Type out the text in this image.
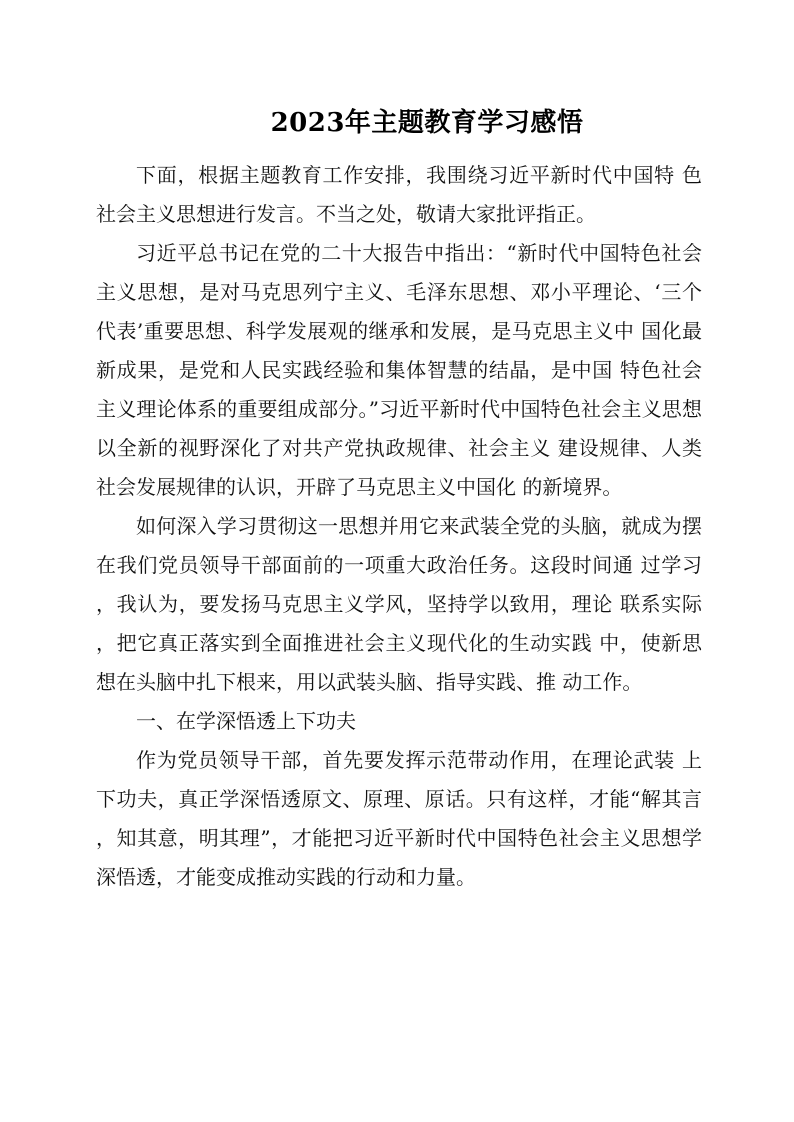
2023年主题教育学习感悟

下面，根据主题教育工作安排，我围绕习近平新时代中国特 色社会主义思想进行发言。不当之处，敬请大家批评指正。

习近平总书记在党的二十大报告中指出：“新时代中国特色社会主义思想，是对马克思列宁主义、毛泽东思想、邓小平理论、‘三个代表’重要思想、科学发展观的继承和发展，是马克思主义中 国化最新成果，是党和人民实践经验和集体智慧的结晶，是中国 特色社会主义理论体系的重要组成部分。”习近平新时代中国特色社会主义思想以全新的视野深化了对共产党执政规律、社会主义 建设规律、人类社会发展规律的认识，开辟了马克思主义中国化 的新境界。

如何深入学习贯彻这一思想并用它来武装全党的头脑，就成为摆在我们党员领导干部面前的一项重大政治任务。这段时间通 过学习，我认为，要发扬马克思主义学风，坚持学以致用，理论 联系实际，把它真正落实到全面推进社会主义现代化的生动实践 中，使新思想在头脑中扎下根来，用以武装头脑、指导实践、推 动工作。

一、在学深悟透上下功夫

作为党员领导干部，首先要发挥示范带动作用，在理论武装 上下功夫，真正学深悟透原文、原理、原话。只有这样，才能“解其言，知其意，明其理”，才能把习近平新时代中国特色社会主义思想学深悟透，才能变成推动实践的行动和力量。
